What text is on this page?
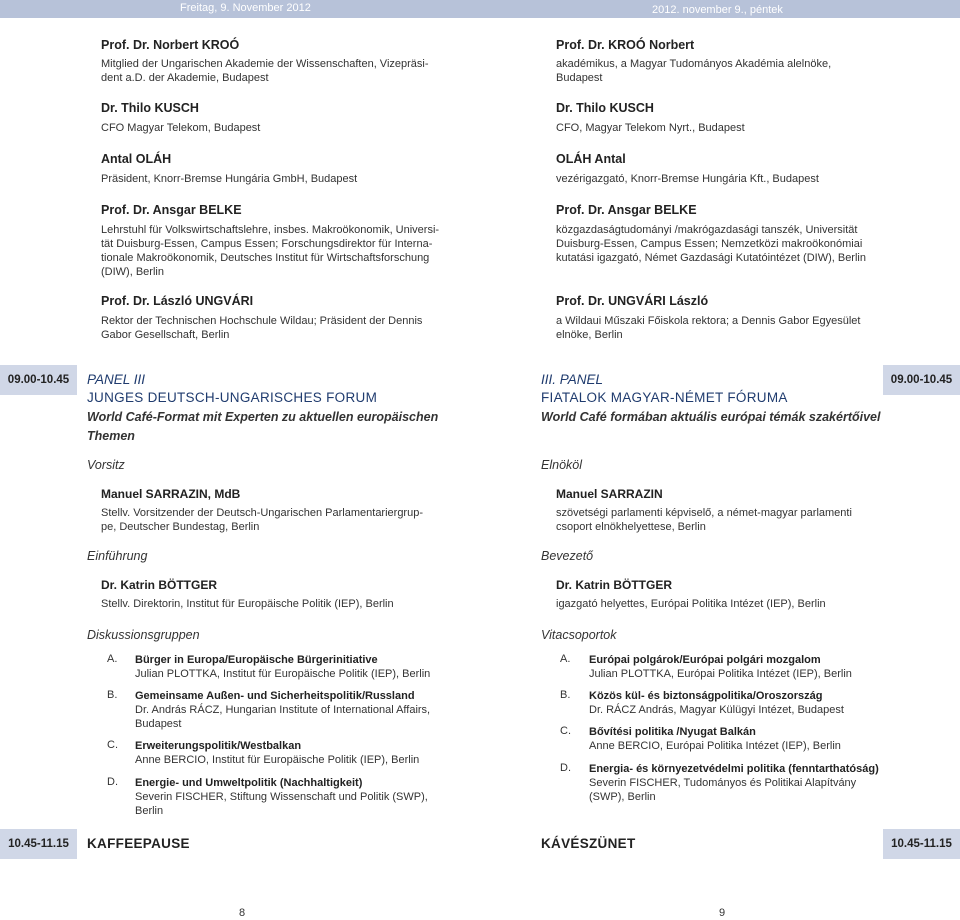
Freitag, 9. November 2012	2012. november 9., péntek
Prof. Dr. Norbert KROÓ
Mitglied der Ungarischen Akademie der Wissenschaften, Vizepräsi-
dent a.D. der Akademie, Budapest
Dr. Thilo KUSCH
CFO Magyar Telekom, Budapest
Antal OLÁH
Präsident, Knorr-Bremse Hungária GmbH, Budapest
Prof. Dr. Ansgar BELKE
Lehrstuhl für Volkswirtschaftslehre, insbes. Makroökonomik, Universi-
tät Duisburg-Essen, Campus Essen; Forschungsdirektor für Interna-
tionale Makroökonomik, Deutsches Institut für Wirtschaftsforschung
(DIW), Berlin
Prof. Dr. László UNGVÁRI
Rektor der Technischen Hochschule Wildau; Präsident der Dennis
Gabor Gesellschaft, Berlin
Prof. Dr. KROÓ Norbert
akadémikus, a Magyar Tudományos Akadémia alelnöke,
Budapest
Dr. Thilo KUSCH
CFO, Magyar Telekom Nyrt., Budapest
OLÁH Antal
vezérigazgató, Knorr-Bremse Hungária Kft., Budapest
Prof. Dr. Ansgar BELKE
közgazdaságtudományi /makrógazdasági tanszék, Universität
Duisburg-Essen, Campus Essen; Nemzetközi makroökonómiai
kutatási igazgató, Német Gazdasági Kutatóintézet (DIW), Berlin
Prof. Dr. UNGVÁRI László
a Wildaui Műszaki Főiskola rektora; a Dennis Gabor Egyesület
elnöke, Berlin
09.00-10.45	09.00-10.45
PANEL III
JUNGES DEUTSCH-UNGARISCHES FORUM
World Café-Format mit Experten zu aktuellen europäischen
Themen
Vorsitz
Manuel SARRAZIN, MdB
Stellv. Vorsitzender der Deutsch-Ungarischen Parlamentariergrup-
pe, Deutscher Bundestag, Berlin
Einführung
Dr. Katrin BÖTTGER
Stellv. Direktorin, Institut für Europäische Politik (IEP), Berlin
Diskussionsgruppen
A. Bürger in Europa/Europäische Bürgerinitiative
Julian PLOTTKA, Institut für Europäische Politik (IEP), Berlin
B. Gemeinsame Außen- und Sicherheitspolitik/Russland
Dr. András RÁCZ, Hungarian Institute of International Affairs,
Budapest
C. Erweiterungspolitik/Westbalkan
Anne BERCIO, Institut für Europäische Politik (IEP), Berlin
D. Energie- und Umweltpolitik (Nachhaltigkeit)
Severin FISCHER, Stiftung Wissenschaft und Politik (SWP),
Berlin
III. PANEL
FIATALOK MAGYAR-NÉMET FÓRUMA
World Café formában aktuális európai témák szakértőivel
Elnököl
Manuel SARRAZIN
szövetségi parlamenti képviselő, a német-magyar parlamenti
csoport elnökhelyettese, Berlin
Bevezető
Dr. Katrin BÖTTGER
igazgató helyettes, Európai Politika Intézet (IEP), Berlin
Vitacsoportok
A. Európai polgárok/Európai polgári mozgalom
Julian PLOTTKA, Európai Politika Intézet (IEP), Berlin
B. Közös kül- és biztonságpolitika/Oroszország
Dr. RÁCZ András, Magyar Külügyi Intézet, Budapest
C. Bővítési politika /Nyugat Balkán
Anne BERCIO, Európai Politika Intézet (IEP), Berlin
D. Energia- és környezetvédelmi politika (fenntarthatóság)
Severin FISCHER, Tudományos és Politikai Alapítvány
(SWP), Berlin
10.45-11.15	10.45-11.15
KAFFEEPAUSE	KÁVÉSZÜNET
8	9
